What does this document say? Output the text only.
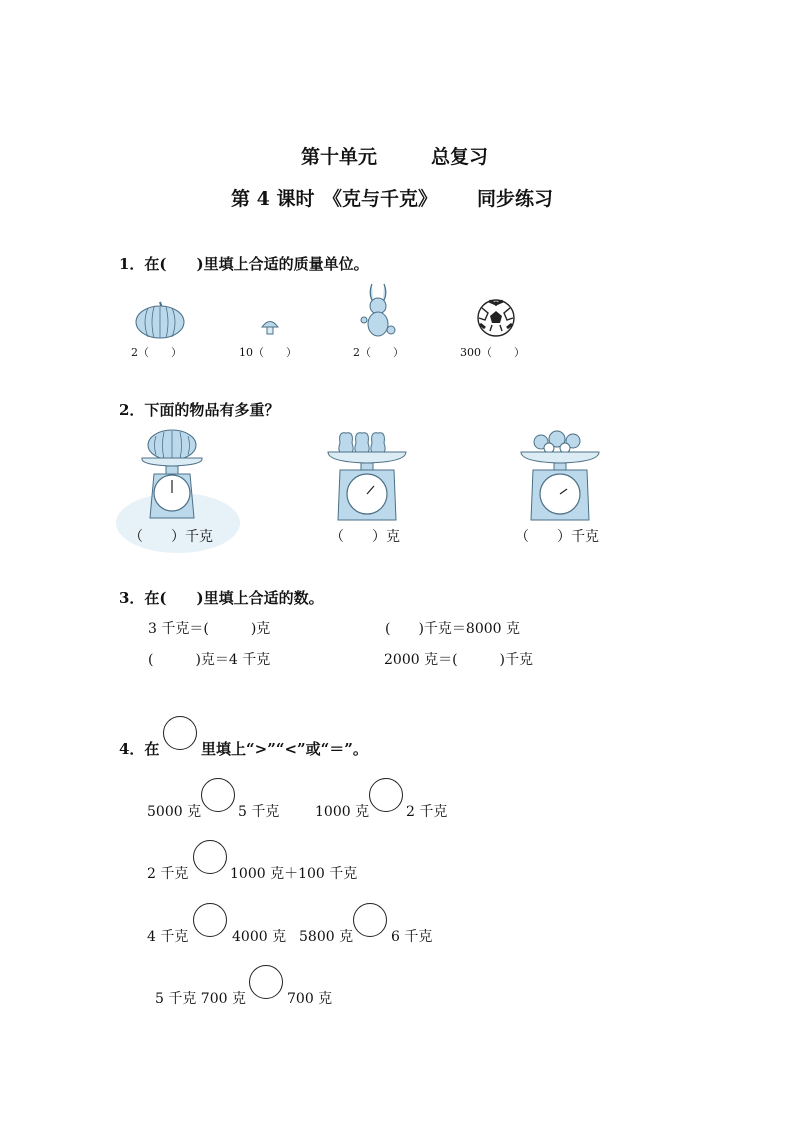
第十单元	总复习
第 4 课时 《克与千克》 同步练习
1．在(　　)里填上合适的质量单位。
2（　　）	10（　　）	2（　　）	300（　　）
2．下面的物品有多重？
（　　）千克	（　　）克	（　　）千克
3．在(　　)里填上合适的数。
3 千克＝(　　　)克	(　　)千克＝8000 克
(　　　)克＝4 千克	2000 克＝(　　　)千克
4．在	里填上“>”“<”或“＝”。
5000 克	5 千克	1000 克	2 千克
2 千克	1000 克＋100 千克
4 千克	4000 克 5800 克	6 千克
5 千克 700 克	700 克
